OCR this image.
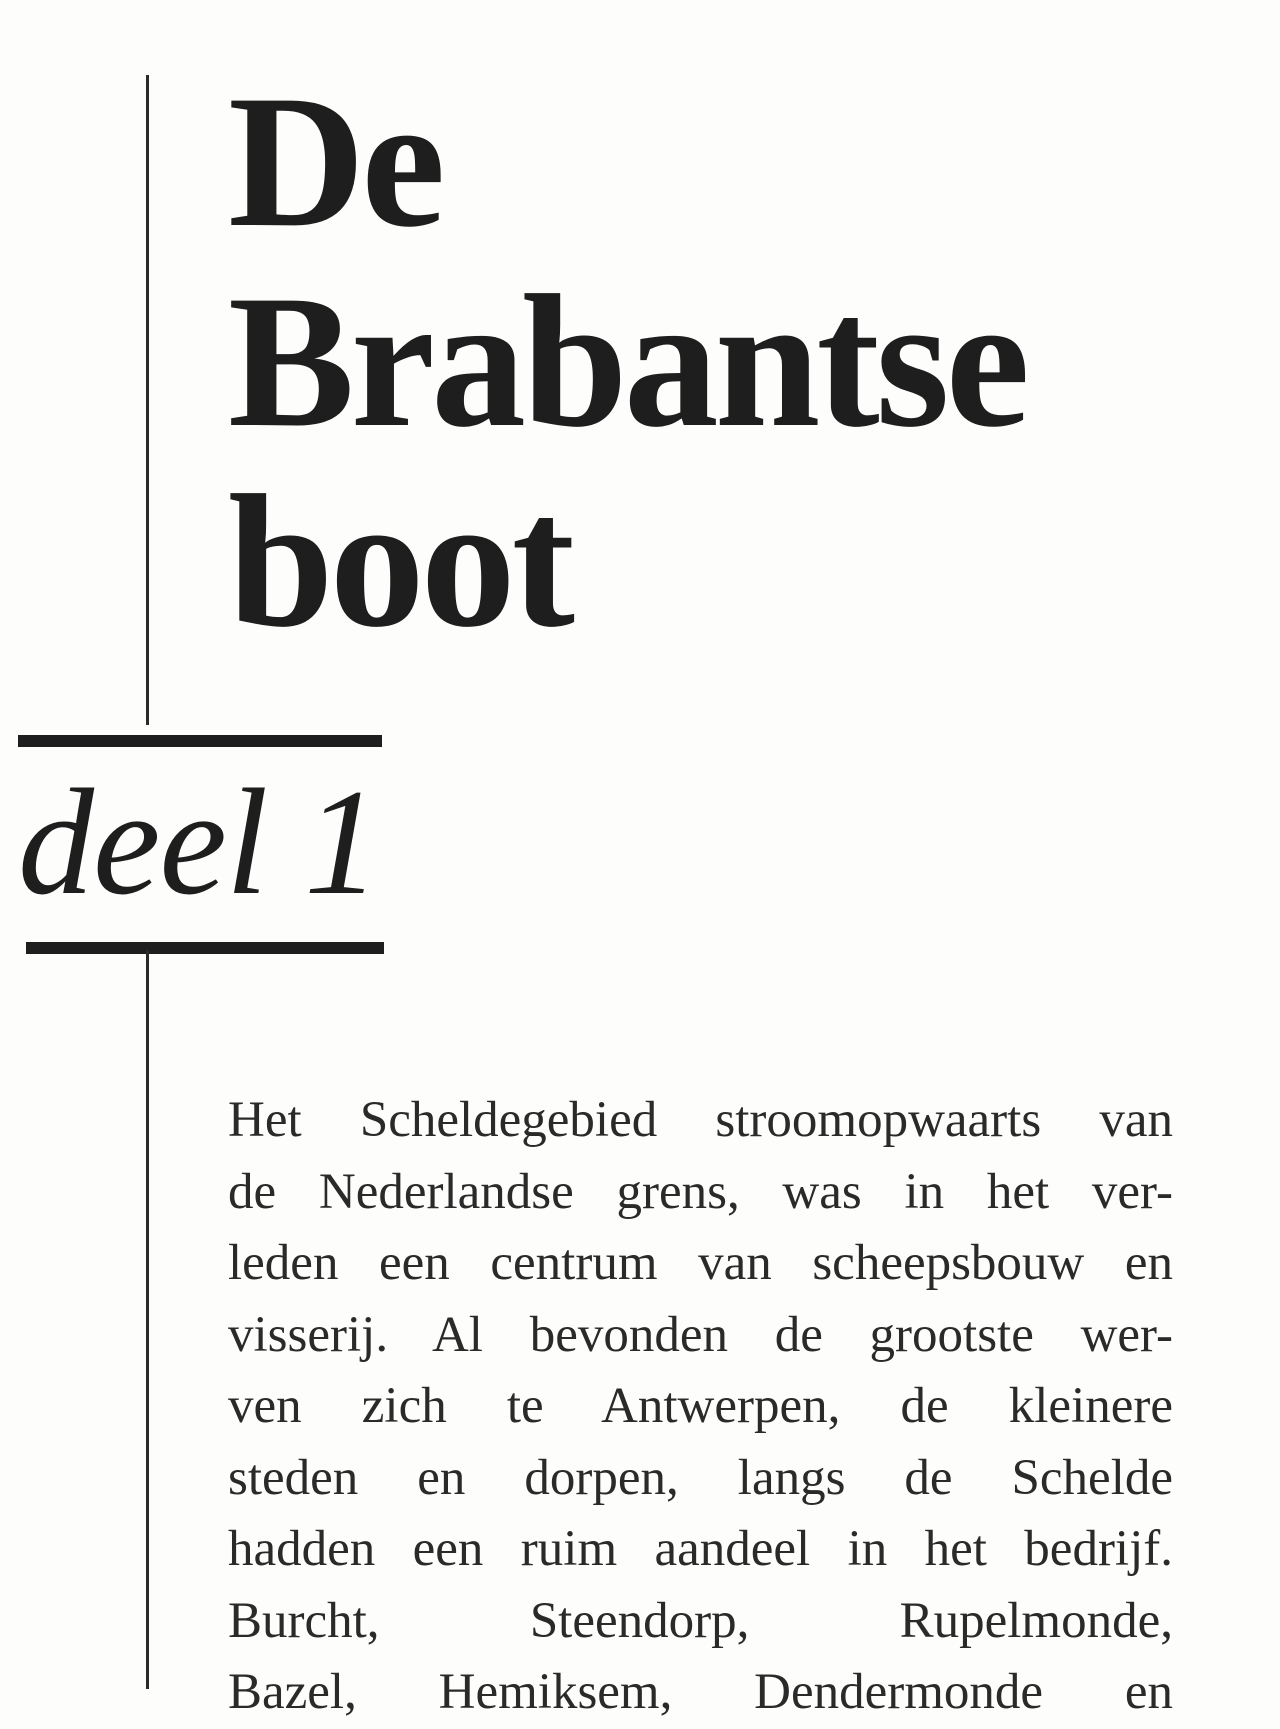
De
Brabantse
boot
deel 1
Het Scheldegebied stroomopwaarts van
de Nederlandse grens, was in het ver-
leden een centrum van scheepsbouw en
visserij. Al bevonden de grootste wer-
ven zich te Antwerpen, de kleinere
steden en dorpen, langs de Schelde
hadden een ruim aandeel in het bedrijf.
Burcht, Steendorp, Rupelmonde,
Bazel, Hemiksem, Dendermonde en
